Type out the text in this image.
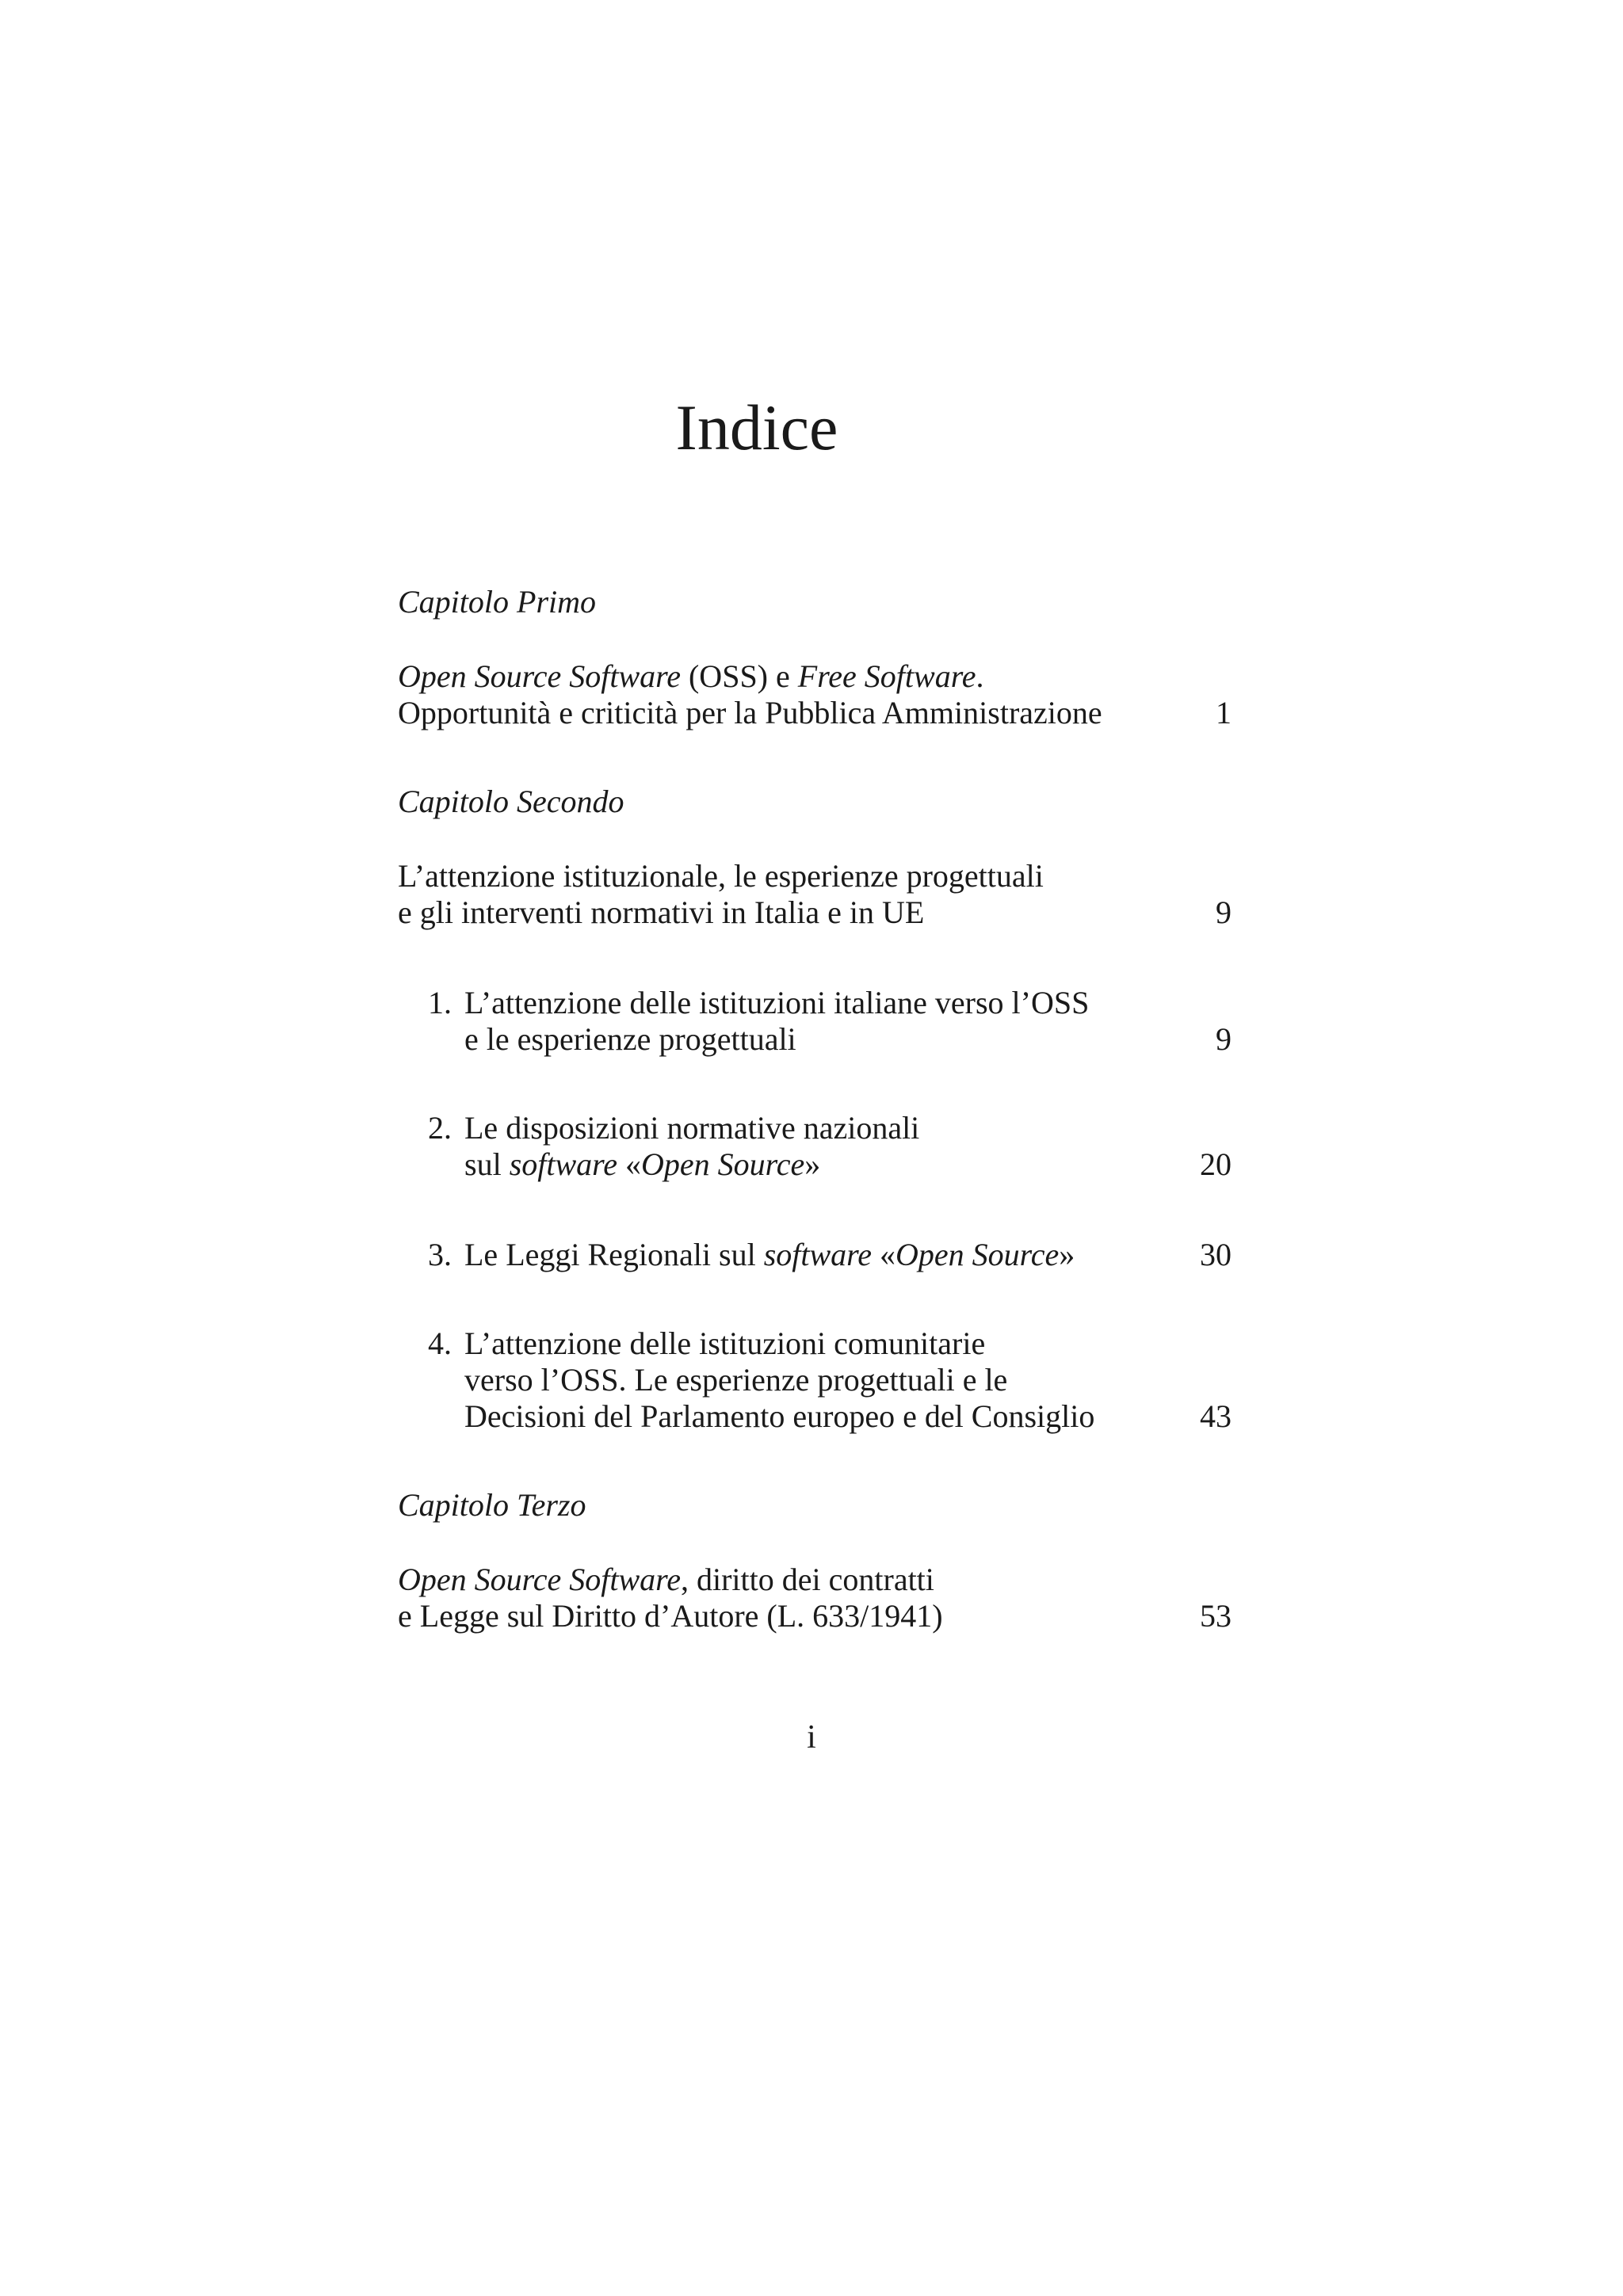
Indice
Capitolo Primo
Open Source Software (OSS) e Free Software.
Opportunità e criticità per la Pubblica Amministrazione	1
Capitolo Secondo
L’attenzione istituzionale, le esperienze progettuali
e gli interventi normativi in Italia e in UE	9
1. L’attenzione delle istituzioni italiane verso l’OSS
e le esperienze progettuali	9
2. Le disposizioni normative nazionali
sul software «Open Source»	20
3. Le Leggi Regionali sul software «Open Source»	30
4. L’attenzione delle istituzioni comunitarie
verso l’OSS. Le esperienze progettuali e le
Decisioni del Parlamento europeo e del Consiglio	43
Capitolo Terzo
Open Source Software, diritto dei contratti
e Legge sul Diritto d’Autore (L. 633/1941)	53
i
